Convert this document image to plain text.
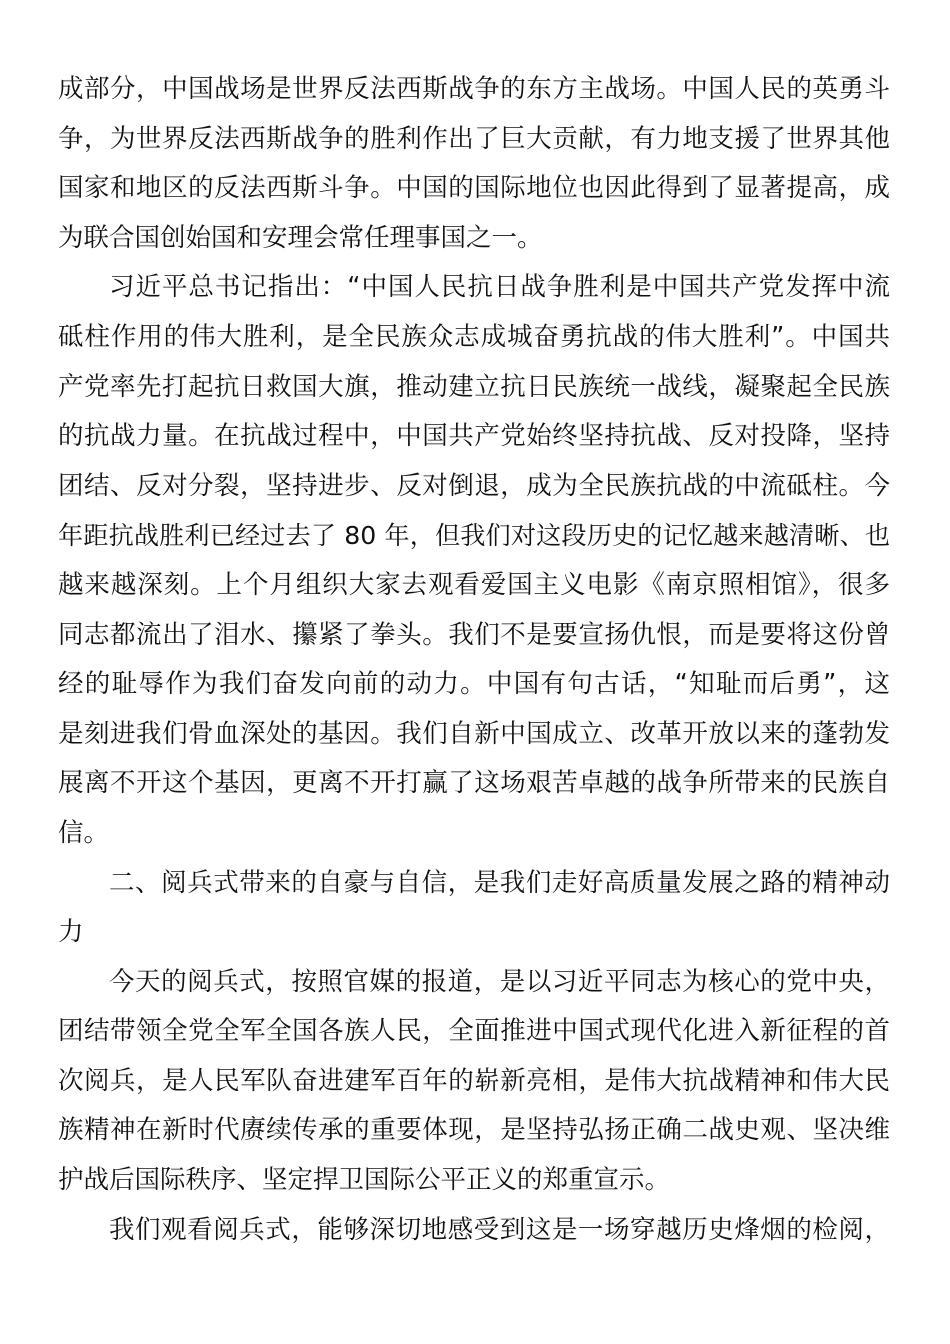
成部分，中国战场是世界反法西斯战争的东方主战场。中国人民的英勇斗
争，为世界反法西斯战争的胜利作出了巨大贡献，有力地支援了世界其他
国家和地区的反法西斯斗争。中国的国际地位也因此得到了显著提高，成
为联合国创始国和安理会常任理事国之一。
习近平总书记指出：“中国人民抗日战争胜利是中国共产党发挥中流
砥柱作用的伟大胜利，是全民族众志成城奋勇抗战的伟大胜利”。中国共
产党率先打起抗日救国大旗，推动建立抗日民族统一战线，凝聚起全民族
的抗战力量。在抗战过程中，中国共产党始终坚持抗战、反对投降，坚持
团结、反对分裂，坚持进步、反对倒退，成为全民族抗战的中流砥柱。今
年距抗战胜利已经过去了 80 年，但我们对这段历史的记忆越来越清晰、也
越来越深刻。上个月组织大家去观看爱国主义电影《南京照相馆》，很多
同志都流出了泪水、攥紧了拳头。我们不是要宣扬仇恨，而是要将这份曾
经的耻辱作为我们奋发向前的动力。中国有句古话，“知耻而后勇”，这
是刻进我们骨血深处的基因。我们自新中国成立、改革开放以来的蓬勃发
展离不开这个基因，更离不开打赢了这场艰苦卓越的战争所带来的民族自
信。
二、阅兵式带来的自豪与自信，是我们走好高质量发展之路的精神动
力
今天的阅兵式，按照官媒的报道，是以习近平同志为核心的党中央，
团结带领全党全军全国各族人民，全面推进中国式现代化进入新征程的首
次阅兵，是人民军队奋进建军百年的崭新亮相，是伟大抗战精神和伟大民
族精神在新时代赓续传承的重要体现，是坚持弘扬正确二战史观、坚决维
护战后国际秩序、坚定捍卫国际公平正义的郑重宣示。
我们观看阅兵式，能够深切地感受到这是一场穿越历史烽烟的检阅，
